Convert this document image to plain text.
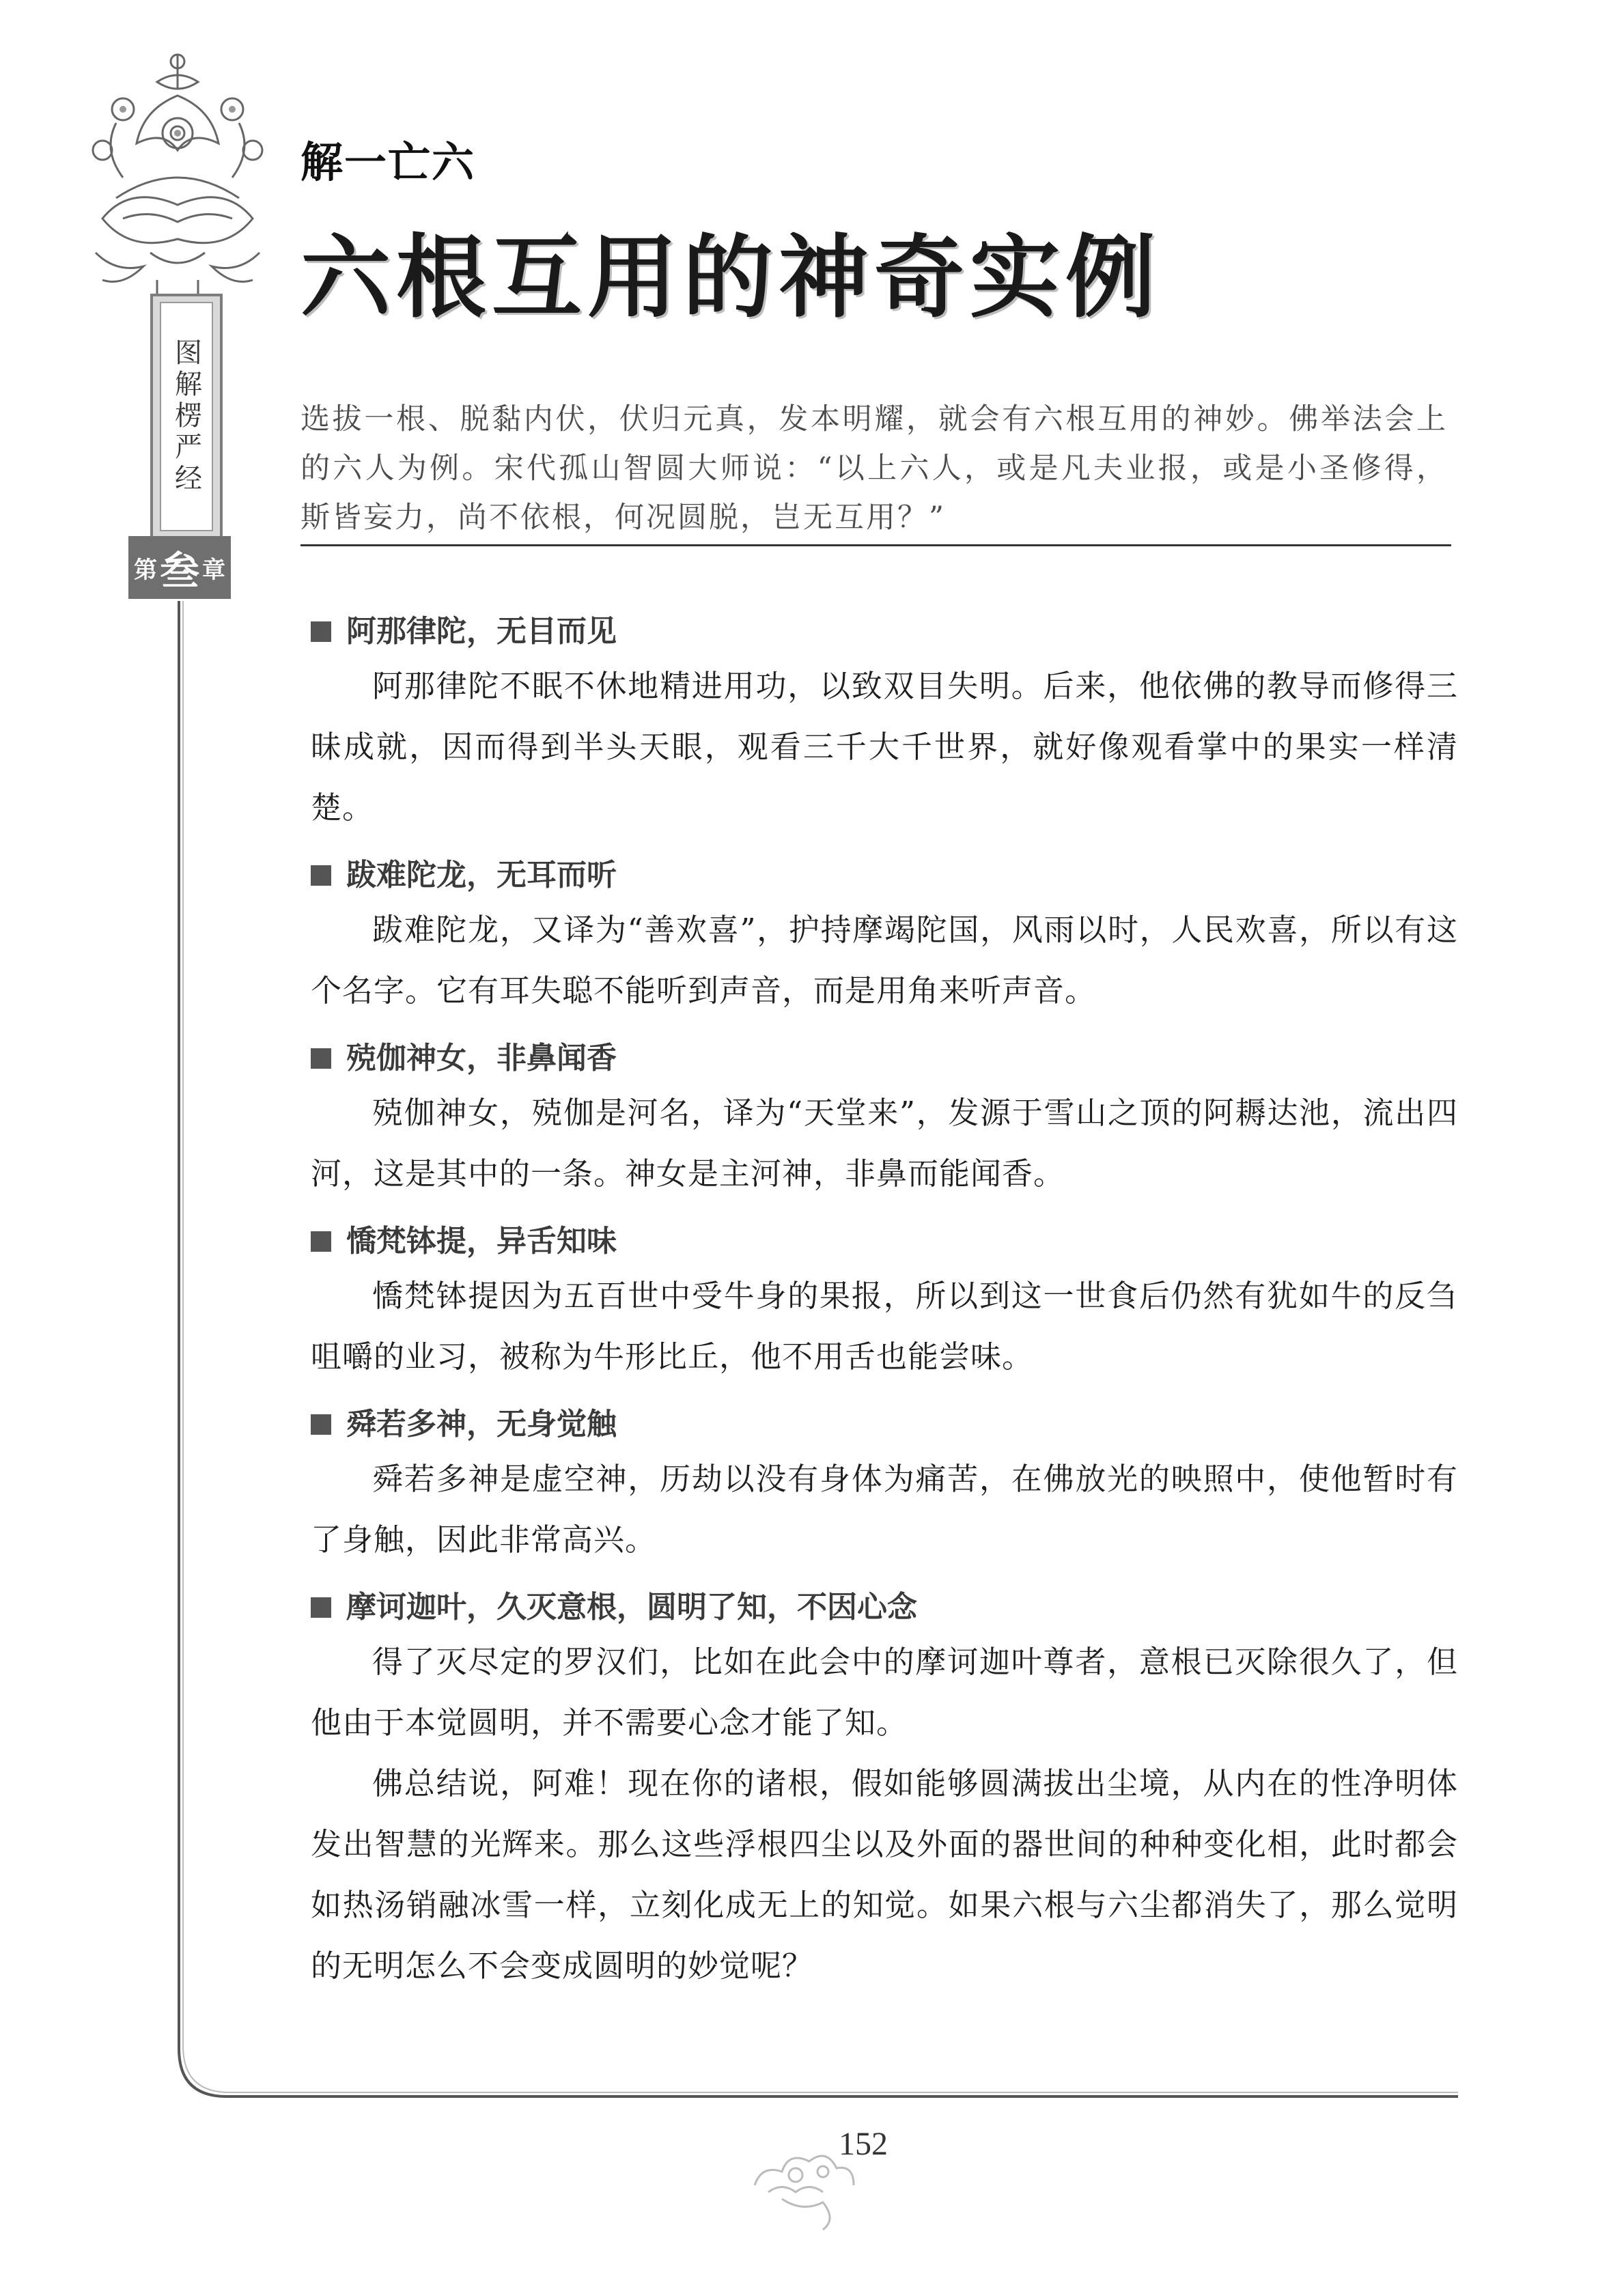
图解楞严经
第 叁 章
解一亡六
六根互用的神奇实例

选拔一根、脱黏内伏，伏归元真，发本明耀，就会有六根互用的神妙。佛举法会上的六人为例。宋代孤山智圆大师说：“以上六人，或是凡夫业报，或是小圣修得，斯皆妄力，尚不依根，何况圆脱，岂无互用？”

阿那律陀，无目而见

阿那律陀不眠不休地精进用功，以致双目失明。后来，他依佛的教导而修得三昧成就，因而得到半头天眼，观看三千大千世界，就好像观看掌中的果实一样清楚。

跋难陀龙，无耳而听

跋难陀龙，又译为“善欢喜”，护持摩竭陀国，风雨以时，人民欢喜，所以有这个名字。它有耳失聪不能听到声音，而是用角来听声音。

殑伽神女，非鼻闻香

殑伽神女，殑伽是河名，译为“天堂来”，发源于雪山之顶的阿耨达池，流出四河，这是其中的一条。神女是主河神，非鼻而能闻香。

憍梵钵提，异舌知味

憍梵钵提因为五百世中受牛身的果报，所以到这一世食后仍然有犹如牛的反刍咀嚼的业习，被称为牛形比丘，他不用舌也能尝味。

舜若多神，无身觉触

舜若多神是虚空神，历劫以没有身体为痛苦，在佛放光的映照中，使他暂时有了身触，因此非常高兴。

摩诃迦叶，久灭意根，圆明了知，不因心念

得了灭尽定的罗汉们，比如在此会中的摩诃迦叶尊者，意根已灭除很久了，但他由于本觉圆明，并不需要心念才能了知。

佛总结说，阿难！现在你的诸根，假如能够圆满拔出尘境，从内在的性净明体发出智慧的光辉来。那么这些浮根四尘以及外面的器世间的种种变化相，此时都会如热汤销融冰雪一样，立刻化成无上的知觉。如果六根与六尘都消失了，那么觉明的无明怎么不会变成圆明的妙觉呢？

152
